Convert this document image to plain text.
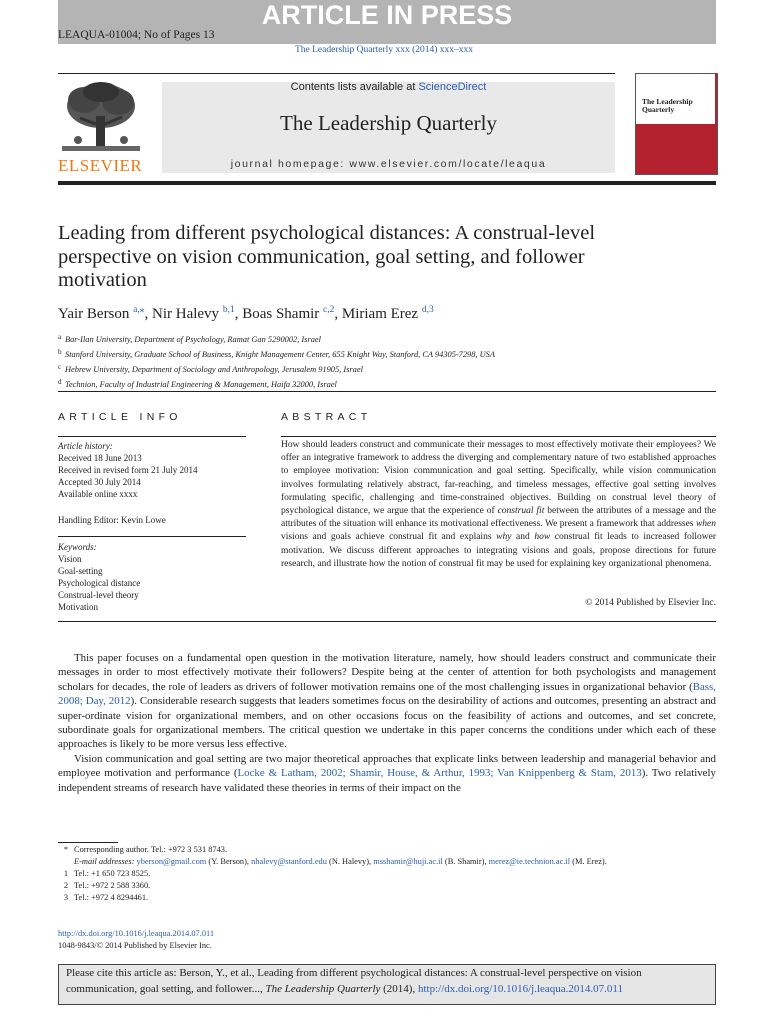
ARTICLE IN PRESS
LEAQUA-01004; No of Pages 13
The Leadership Quarterly xxx (2014) xxx–xxx
Contents lists available at ScienceDirect
The Leadership Quarterly
journal homepage: www.elsevier.com/locate/leaqua
ELSEVIER
The Leadership Quarterly
Leading from different psychological distances: A construal-level perspective on vision communication, goal setting, and follower motivation
Yair Berson $^{a,⁎}$, Nir Halevy $^{b,1}$, Boas Shamir $^{c,2}$, Miriam Erez $^{d,3}$
a Bar-Ilan University, Department of Psychology, Ramat Gan 5290002, Israel
b Stanford University, Graduate School of Business, Knight Management Center, 655 Knight Way, Stanford, CA 94305-7298, USA
c Hebrew University, Department of Sociology and Anthropology, Jerusalem 91905, Israel
d Technion, Faculty of Industrial Engineering & Management, Haifa 32000, Israel
ARTICLE INFO
Article history:
Received 18 June 2013
Received in revised form 21 July 2014
Accepted 30 July 2014
Available online xxxx
Handling Editor: Kevin Lowe
Keywords:
Vision
Goal-setting
Psychological distance
Construal-level theory
Motivation
ABSTRACT
How should leaders construct and communicate their messages to most effectively motivate their employees? We offer an integrative framework to address the diverging and complementary nature of two established approaches to employee motivation: Vision communication and goal setting. Specifically, while vision communication involves formulating relatively abstract, far-reaching, and timeless messages, effective goal setting involves formulating specific, challenging and time-constrained objectives. Building on construal level theory of psychological distance, we argue that the experience of construal fit between the attributes of a message and the attributes of the situation will enhance its motivational effectiveness. We present a framework that addresses when visions and goals achieve construal fit and explains why and how construal fit leads to increased follower motivation. We discuss different approaches to integrating visions and goals, propose directions for future research, and illustrate how the notion of construal fit may be used for explaining key organizational phenomena.
© 2014 Published by Elsevier Inc.

This paper focuses on a fundamental open question in the motivation literature, namely, how should leaders construct and communicate their messages in order to most effectively motivate their followers? Despite being at the center of attention for both psychologists and management scholars for decades, the role of leaders as drivers of follower motivation remains one of the most challenging issues in organizational behavior (Bass, 2008; Day, 2012). Considerable research suggests that leaders sometimes focus on the desirability of actions and outcomes, presenting an abstract and super-ordinate vision for organizational members, and on other occasions focus on the feasibility of actions and outcomes, and set concrete, subordinate goals for organizational members. The critical question we undertake in this paper concerns the conditions under which each of these approaches is likely to be more versus less effective.

Vision communication and goal setting are two major theoretical approaches that explicate links between leadership and managerial behavior and employee motivation and performance (Locke & Latham, 2002; Shamir, House, & Arthur, 1993; Van Knippenberg & Stam, 2013). Two relatively independent streams of research have validated these theories in terms of their impact on the

* Corresponding author. Tel.: +972 3 531 8743.
E-mail addresses: yberson@gmail.com (Y. Berson), nhalevy@stanford.edu (N. Halevy), msshamir@huji.ac.il (B. Shamir), merez@ie.technion.ac.il (M. Erez).
1 Tel.: +1 650 723 8525.
2 Tel.: +972 2 588 3360.
3 Tel.: +972 4 8294461.
http://dx.doi.org/10.1016/j.leaqua.2014.07.011
1048-9843/© 2014 Published by Elsevier Inc.
Please cite this article as: Berson, Y., et al., Leading from different psychological distances: A construal-level perspective on vision communication, goal setting, and follower..., The Leadership Quarterly (2014), http://dx.doi.org/10.1016/j.leaqua.2014.07.011
